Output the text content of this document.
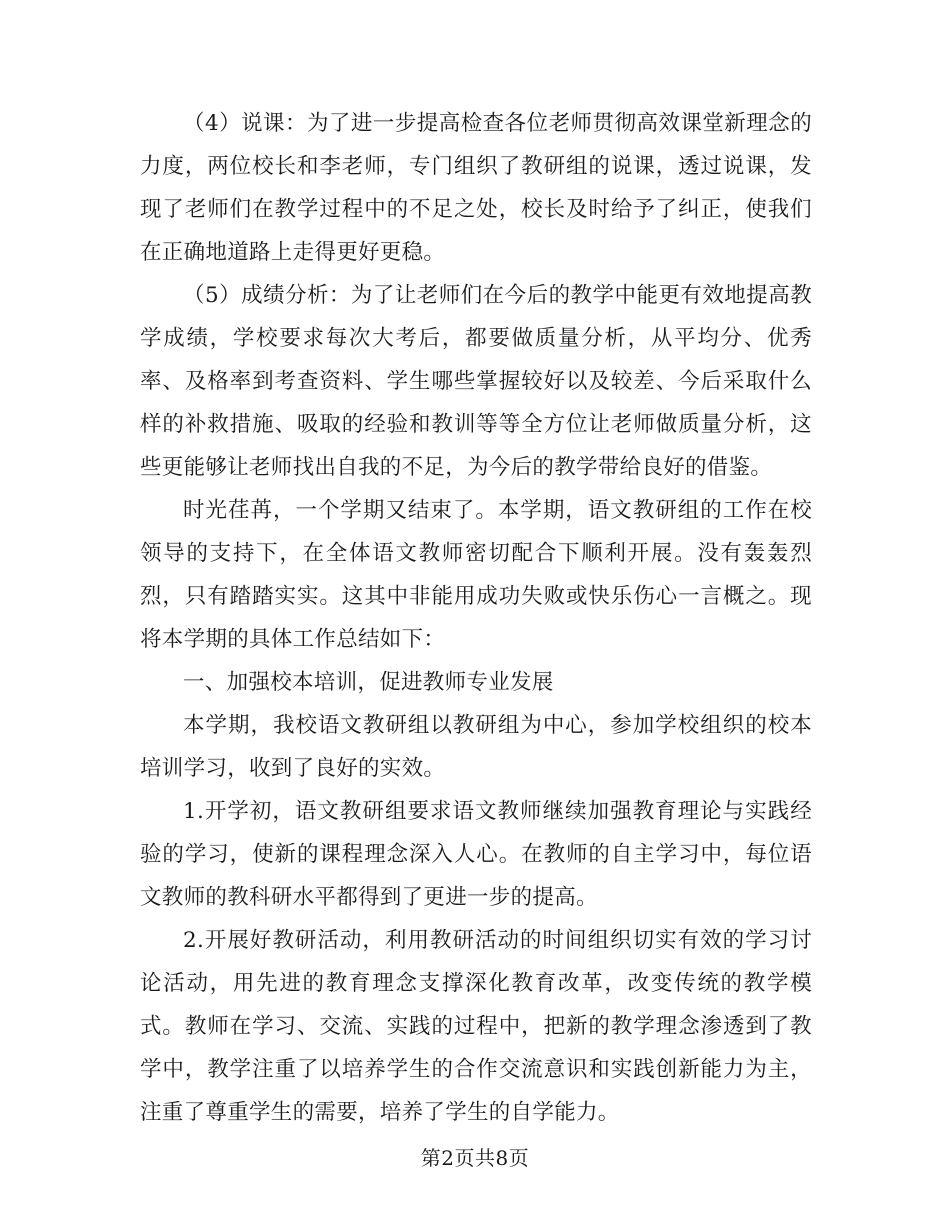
（4）说课：为了进一步提高检查各位老师贯彻高效课堂新理念的力度，两位校长和李老师，专门组织了教研组的说课，透过说课，发现了老师们在教学过程中的不足之处，校长及时给予了纠正，使我们在正确地道路上走得更好更稳。

（5）成绩分析：为了让老师们在今后的教学中能更有效地提高教学成绩，学校要求每次大考后，都要做质量分析，从平均分、优秀率、及格率到考查资料、学生哪些掌握较好以及较差、今后采取什么样的补救措施、吸取的经验和教训等等全方位让老师做质量分析，这些更能够让老师找出自我的不足，为今后的教学带给良好的借鉴。

时光荏苒，一个学期又结束了。本学期，语文教研组的工作在校领导的支持下，在全体语文教师密切配合下顺利开展。没有轰轰烈烈，只有踏踏实实。这其中非能用成功失败或快乐伤心一言概之。现将本学期的具体工作总结如下：

一、加强校本培训，促进教师专业发展

本学期，我校语文教研组以教研组为中心，参加学校组织的校本培训学习，收到了良好的实效。

1.开学初，语文教研组要求语文教师继续加强教育理论与实践经验的学习，使新的课程理念深入人心。在教师的自主学习中，每位语文教师的教科研水平都得到了更进一步的提高。

2.开展好教研活动，利用教研活动的时间组织切实有效的学习讨论活动，用先进的教育理念支撑深化教育改革，改变传统的教学模式。教师在学习、交流、实践的过程中，把新的教学理念渗透到了教学中，教学注重了以培养学生的合作交流意识和实践创新能力为主，注重了尊重学生的需要，培养了学生的自学能力。

第2页共8页
